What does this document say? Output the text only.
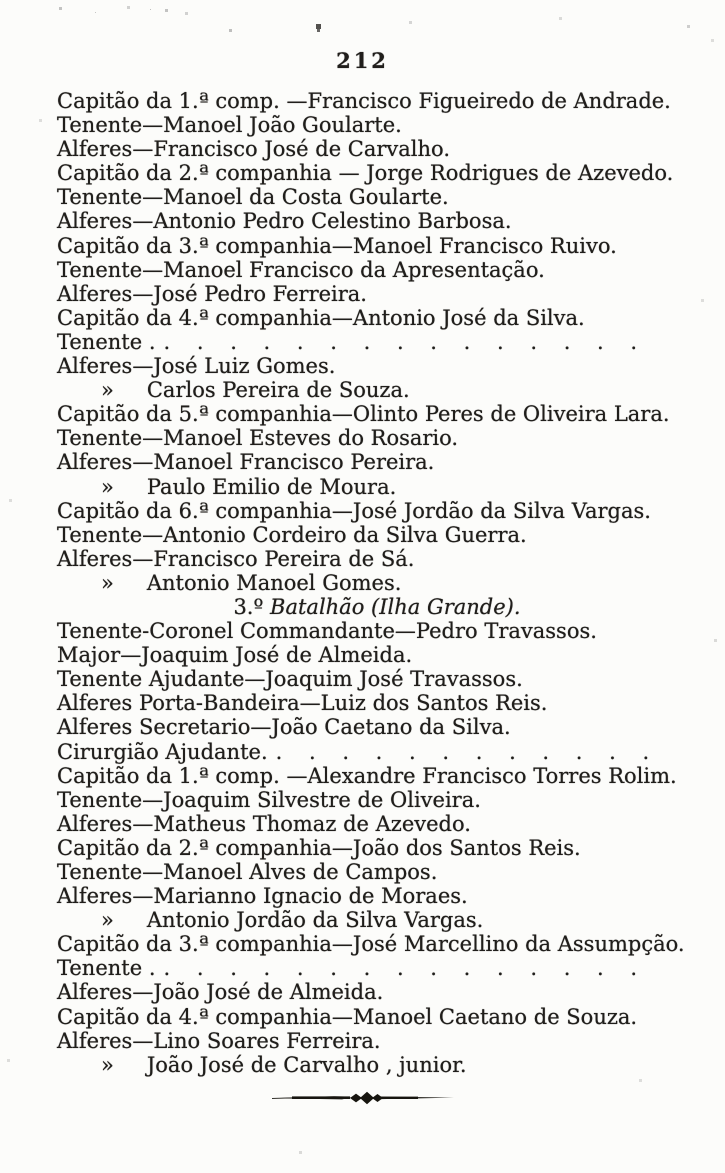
212
Capitão da 1.ª comp. —Francisco Figueiredo de Andrade.
Tenente—Manoel João Goularte.
Alferes—Francisco José de Carvalho.
Capitão da 2.ª companhia — Jorge Rodrigues de Azevedo.
Tenente—Manoel da Costa Goularte.
Alferes—Antonio Pedro Celestino Barbosa.
Capitão da 3.ª companhia—Manoel Francisco Ruivo.
Tenente—Manoel Francisco da Apresentação.
Alferes—José Pedro Ferreira.
Capitão da 4.ª companhia—Antonio José da Silva.
Tenente . . . . . . . . . . . . . . . .
Alferes—José Luiz Gomes.
» Carlos Pereira de Souza.
Capitão da 5.ª companhia—Olinto Peres de Oliveira Lara.
Tenente—Manoel Esteves do Rosario.
Alferes—Manoel Francisco Pereira.
» Paulo Emilio de Moura.
Capitão da 6.ª companhia—José Jordão da Silva Vargas.
Tenente—Antonio Cordeiro da Silva Guerra.
Alferes—Francisco Pereira de Sá.
» Antonio Manoel Gomes.
3.º Batalhão (Ilha Grande).
Tenente-Coronel Commandante—Pedro Travassos.
Major—Joaquim José de Almeida.
Tenente Ajudante—Joaquim José Travassos.
Alferes Porta-Bandeira—Luiz dos Santos Reis.
Alferes Secretario—João Caetano da Silva.
Cirurgião Ajudante. . . . . . . . . . . . .
Capitão da 1.ª comp. —Alexandre Francisco Torres Rolim.
Tenente—Joaquim Silvestre de Oliveira.
Alferes—Matheus Thomaz de Azevedo.
Capitão da 2.ª companhia—João dos Santos Reis.
Tenente—Manoel Alves de Campos.
Alferes—Marianno Ignacio de Moraes.
» Antonio Jordão da Silva Vargas.
Capitão da 3.ª companhia—José Marcellino da Assumpção.
Tenente . . . . . . . . . . . . . . . .
Alferes—João José de Almeida.
Capitão da 4.ª companhia—Manoel Caetano de Souza.
Alferes—Lino Soares Ferreira.
» João José de Carvalho , junior.
